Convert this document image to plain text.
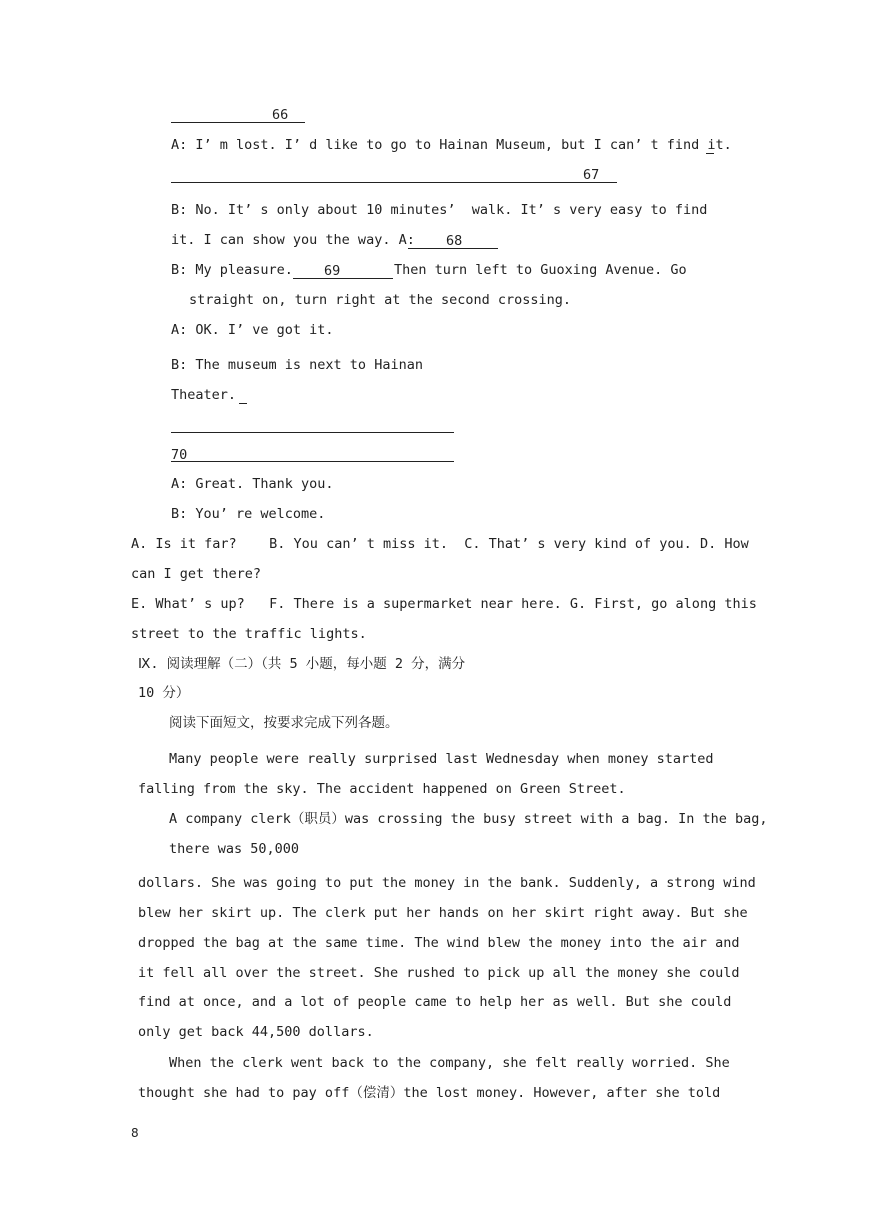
66
A: I’ m lost. I’ d like to go to Hainan Museum, but I can’ t find it.
67
B: No. It’ s only about 10 minutes’  walk. It’ s very easy to find
it. I can show you the way. A: 68
B: My pleasure. 69	Then turn left to Guoxing Avenue. Go
straight on, turn right at the second crossing.
A: OK. I’ ve got it.
B: The museum is next to Hainan
Theater.
70
A: Great. Thank you.
B: You’ re welcome.
A. Is it far?    B. You can’ t miss it.  C. That’ s very kind of you. D. How
can I get there?
E. What’ s up?   F. There is a supermarket near here. G. First, go along this
street to the traffic lights.
Ⅸ. 阅读理解（二）（共 5 小题，每小题 2 分，满分
10 分）
阅读下面短文，按要求完成下列各题。
Many people were really surprised last Wednesday when money started
falling from the sky. The accident happened on Green Street.
A company clerk（职员）was crossing the busy street with a bag. In the bag,
there was 50,000
dollars. She was going to put the money in the bank. Suddenly, a strong wind
blew her skirt up. The clerk put her hands on her skirt right away. But she
dropped the bag at the same time. The wind blew the money into the air and
it fell all over the street. She rushed to pick up all the money she could
find at once, and a lot of people came to help her as well. But she could
only get back 44,500 dollars.
When the clerk went back to the company, she felt really worried. She
thought she had to pay off（偿清）the lost money. However, after she told
8
